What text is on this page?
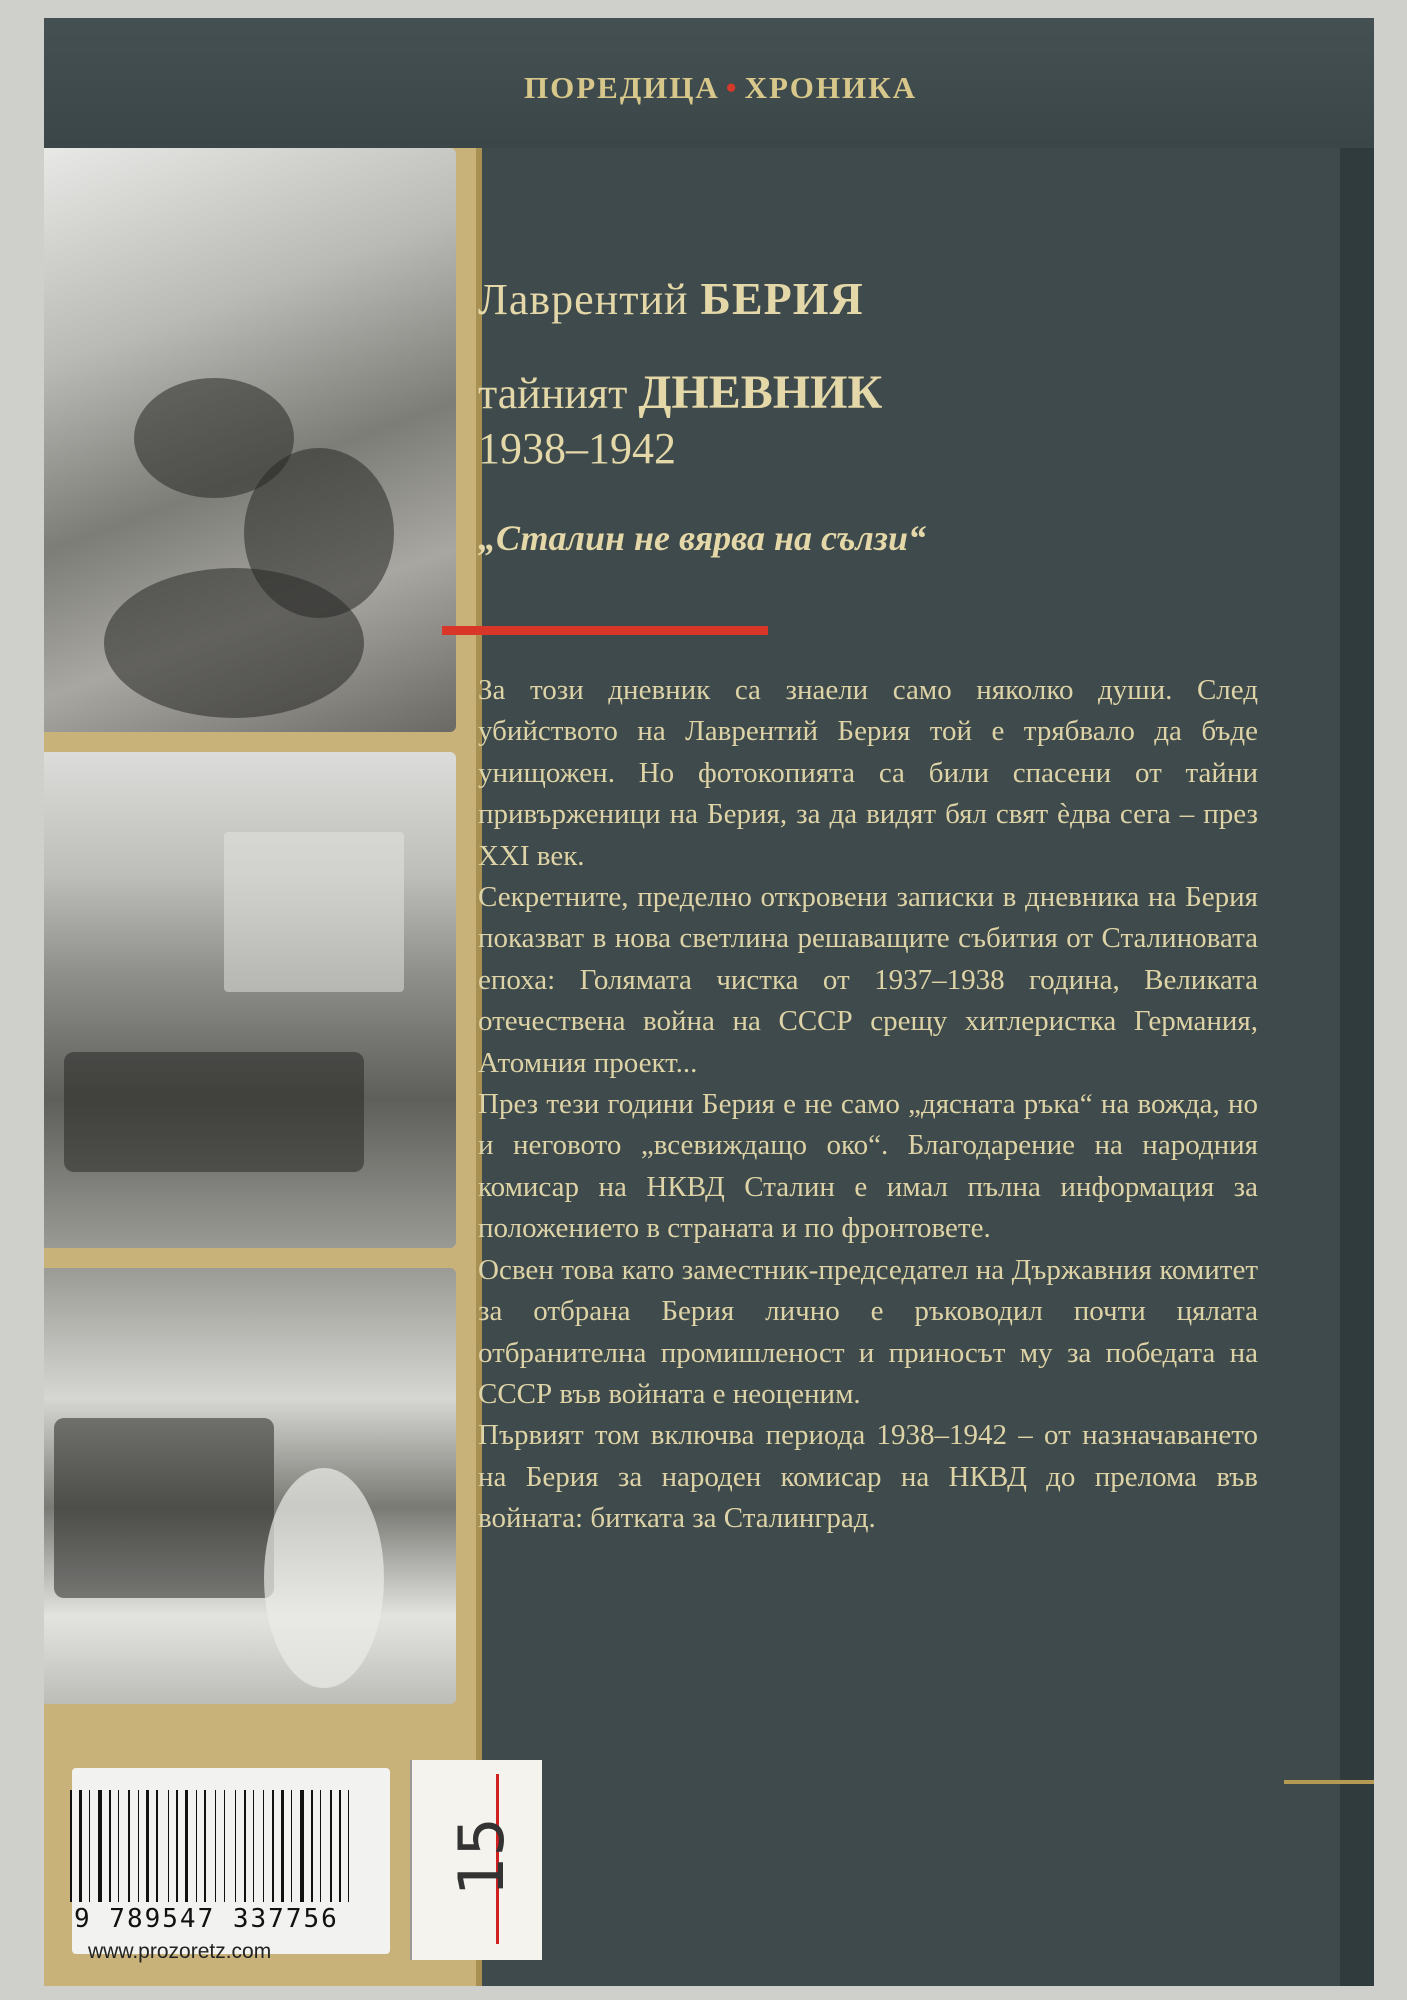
ПОРЕДИЦА • ХРОНИКА
Лаврентий БЕРИЯ
тайният ДНЕВНИК
1938–1942
„Сталин не вярва на сълзи“

За този дневник са знаели само няколко души. След убийството на Лаврентий Берия той е трябвало да бъде унищожен. Но фотокопията са били спасени от тайни привърженици на Берия, за да видят бял свят ѐдва сега – през XXI век.

Секретните, пределно откровени записки в дневника на Берия показват в нова светлина решаващите събития от Сталиновата епоха: Голямата чистка от 1937–1938 година, Великата отечествена война на СССР срещу хитлеристка Германия, Атомния проект...

През тези години Берия е не само „дясната ръка“ на вожда, но и неговото „всевиждащо око“. Благодарение на народния комисар на НКВД Сталин е имал пълна информация за положението в страната и по фронтовете.

Освен това като заместник-председател на Държавния комитет за отбрана Берия лично е ръководил почти цялата отбранителна промишленост и приносът му за победата на СССР във войната е неоценим.

Първият том включва периода 1938–1942 – от назначаването на Берия за народен комисар на НКВД до прелома във войната: битката за Сталинград.

9 789547 337756
www.prozoretz.com
15
